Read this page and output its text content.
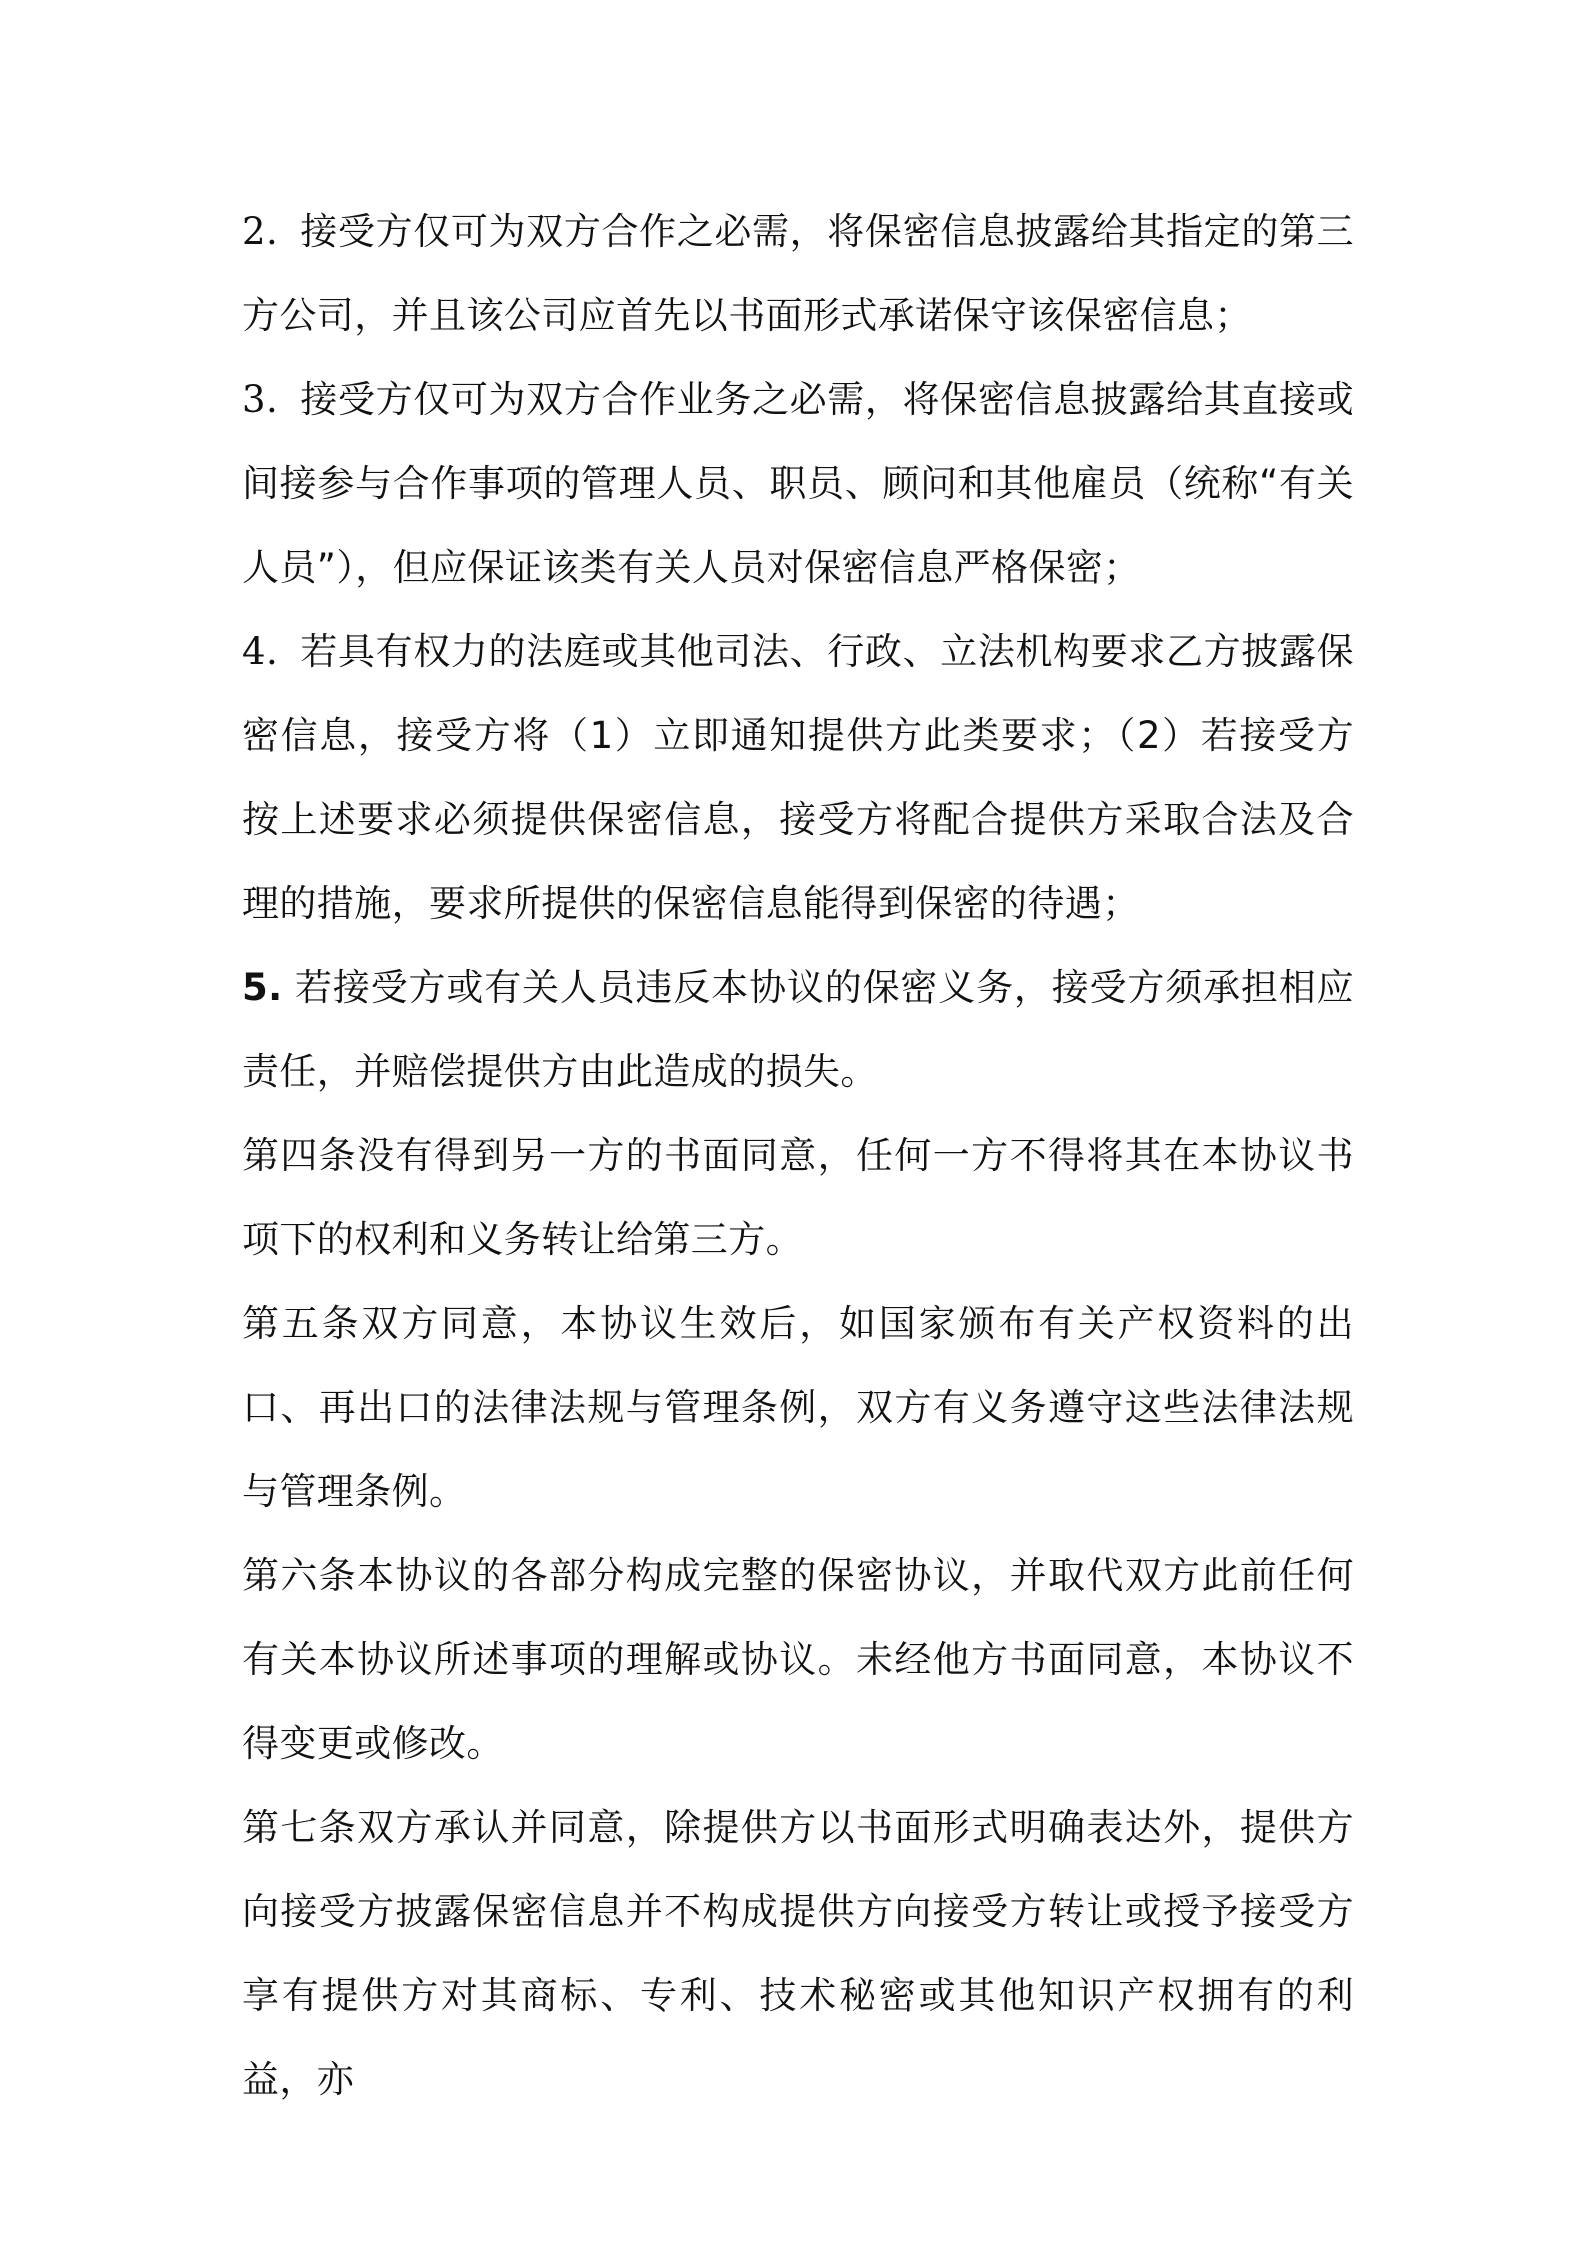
2. 接受方仅可为双方合作之必需，将保密信息披露给其指定的第三方公司，并且该公司应首先以书面形式承诺保守该保密信息；

3. 接受方仅可为双方合作业务之必需，将保密信息披露给其直接或间接参与合作事项的管理人员、职员、顾问和其他雇员（统称“有关人员”），但应保证该类有关人员对保密信息严格保密；

4. 若具有权力的法庭或其他司法、行政、立法机构要求乙方披露保密信息，接受方将（1）立即通知提供方此类要求；（2）若接受方按上述要求必须提供保密信息，接受方将配合提供方采取合法及合理的措施，要求所提供的保密信息能得到保密的待遇；

5. 若接受方或有关人员违反本协议的保密义务，接受方须承担相应责任，并赔偿提供方由此造成的损失。

第四条没有得到另一方的书面同意，任何一方不得将其在本协议书项下的权利和义务转让给第三方。

第五条双方同意，本协议生效后，如国家颁布有关产权资料的出口、再出口的法律法规与管理条例，双方有义务遵守这些法律法规与管理条例。

第六条本协议的各部分构成完整的保密协议，并取代双方此前任何有关本协议所述事项的理解或协议。未经他方书面同意，本协议不得变更或修改。

第七条双方承认并同意，除提供方以书面形式明确表达外，提供方向接受方披露保密信息并不构成提供方向接受方转让或授予接受方享有提供方对其商标、专利、技术秘密或其他知识产权拥有的利益，亦
